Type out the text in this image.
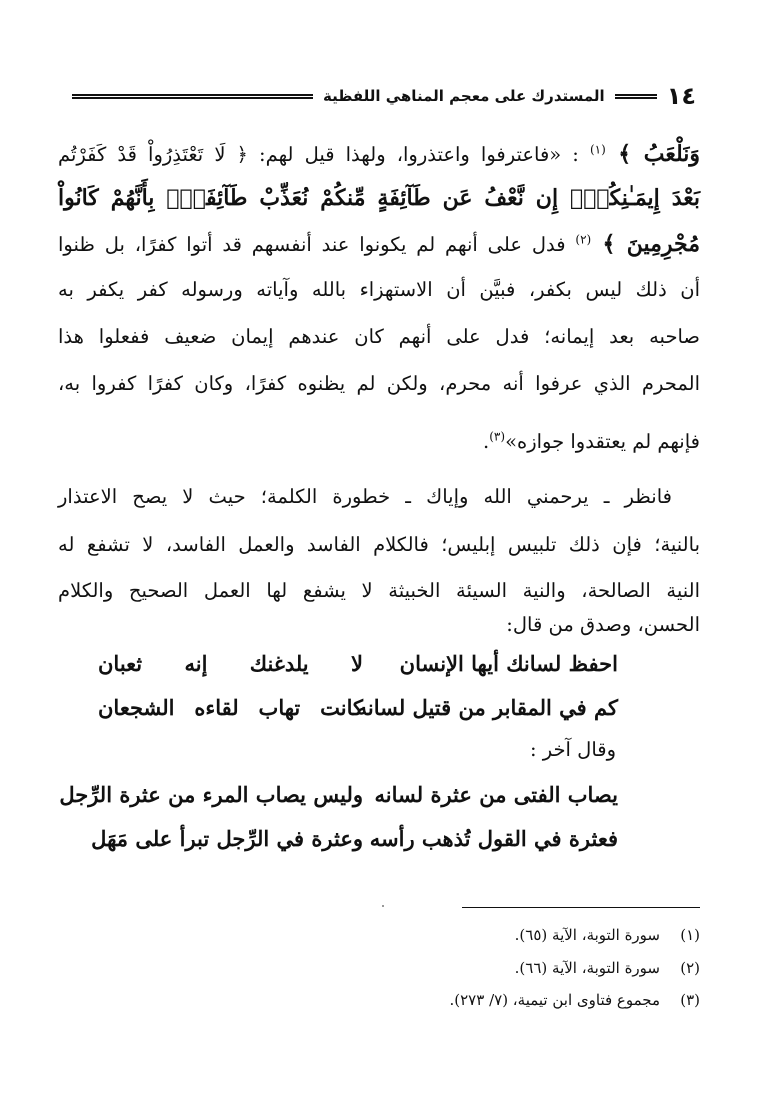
١٤
المستدرك على معجم المناهي اللفظية
وَنَلْعَبُ ﴾ $^{(١)}$ : «فاعترفوا واعتذروا، ولهذا قيل لهم: ﴿ لَا تَعْتَذِرُواْ قَدْ كَفَرْتُم
بَعْدَ إِيمَـٰنِكُمْۚ إِن نَّعْفُ عَن طَآئِفَةٍ مِّنكُمْ نُعَذِّبْ طَآئِفَةَۢ بِأَنَّهُمْ كَانُواْ
مُجْرِمِينَ ﴾ $^{(٢)}$ فدل على أنهم لم يكونوا عند أنفسهم قد أتوا كفرًا، بل ظنوا
أن ذلك ليس بكفر، فبيَّن أن الاستهزاء بالله وآياته ورسوله كفر يكفر به
صاحبه بعد إيمانه؛ فدل على أنهم كان عندهم إيمان ضعيف ففعلوا هذا
المحرم الذي عرفوا أنه محرم، ولكن لم يظنوه كفرًا، وكان كفرًا كفروا به،
فإنهم لم يعتقدوا جوازه»$^{(٣)}$.
فانظر ـ يرحمني الله وإياك ـ خطورة الكلمة؛ حيث لا يصح الاعتذار
بالنية؛ فإن ذلك تلبيس إبليس؛ فالكلام الفاسد والعمل الفاسد، لا تشفع له
النية الصالحة، والنية السيئة الخبيثة لا يشفع لها العمل الصحيح والكلام
الحسن، وصدق من قال:
احفظ لسانك أيها الإنسان
لا يلدغنك إنه ثعبان
كم في المقابر من قتيل لسانه
كانت تهاب لقاءه الشجعان
وقال آخر :
يصاب الفتى من عثرة لسانه
وليس يصاب المرء من عثرة الرِّجل
فعثرة في القول تُذهب رأسه
وعثرة في الرِّجل تبرأ على مَهَل
(١)سورة التوبة، الآية (٦٥).
(٢)سورة التوبة، الآية (٦٦).
(٣)مجموع فتاوى ابن تيمية، (٧/ ٢٧٣).
